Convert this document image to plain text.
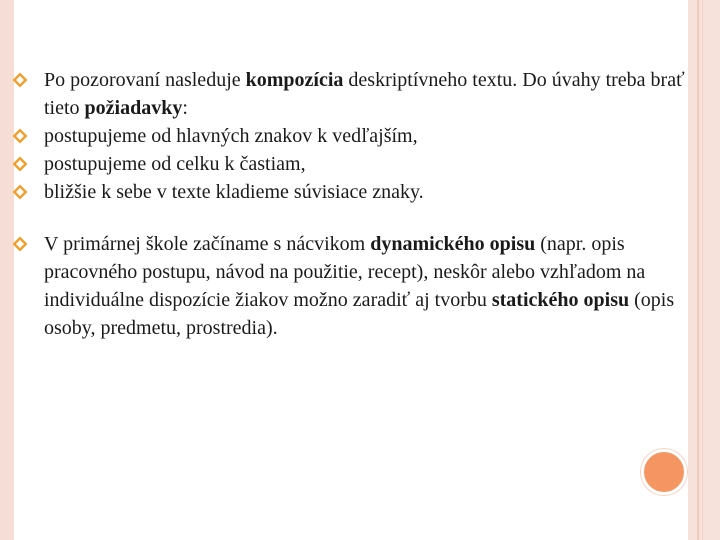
Po pozorovaní nasleduje kompozícia deskriptívneho textu. Do úvahy treba brať tieto požiadavky:
postupujeme od hlavných znakov k vedľajším,
postupujeme od celku k častiam,
bližšie k sebe v texte kladieme súvisiace znaky.
V primárnej škole začíname s nácvikom dynamického opisu (napr. opis pracovného postupu, návod na použitie, recept), neskôr alebo vzhľadom na individuálne dispozície žiakov možno zaradiť aj tvorbu statického opisu (opis osoby, predmetu, prostredia).
